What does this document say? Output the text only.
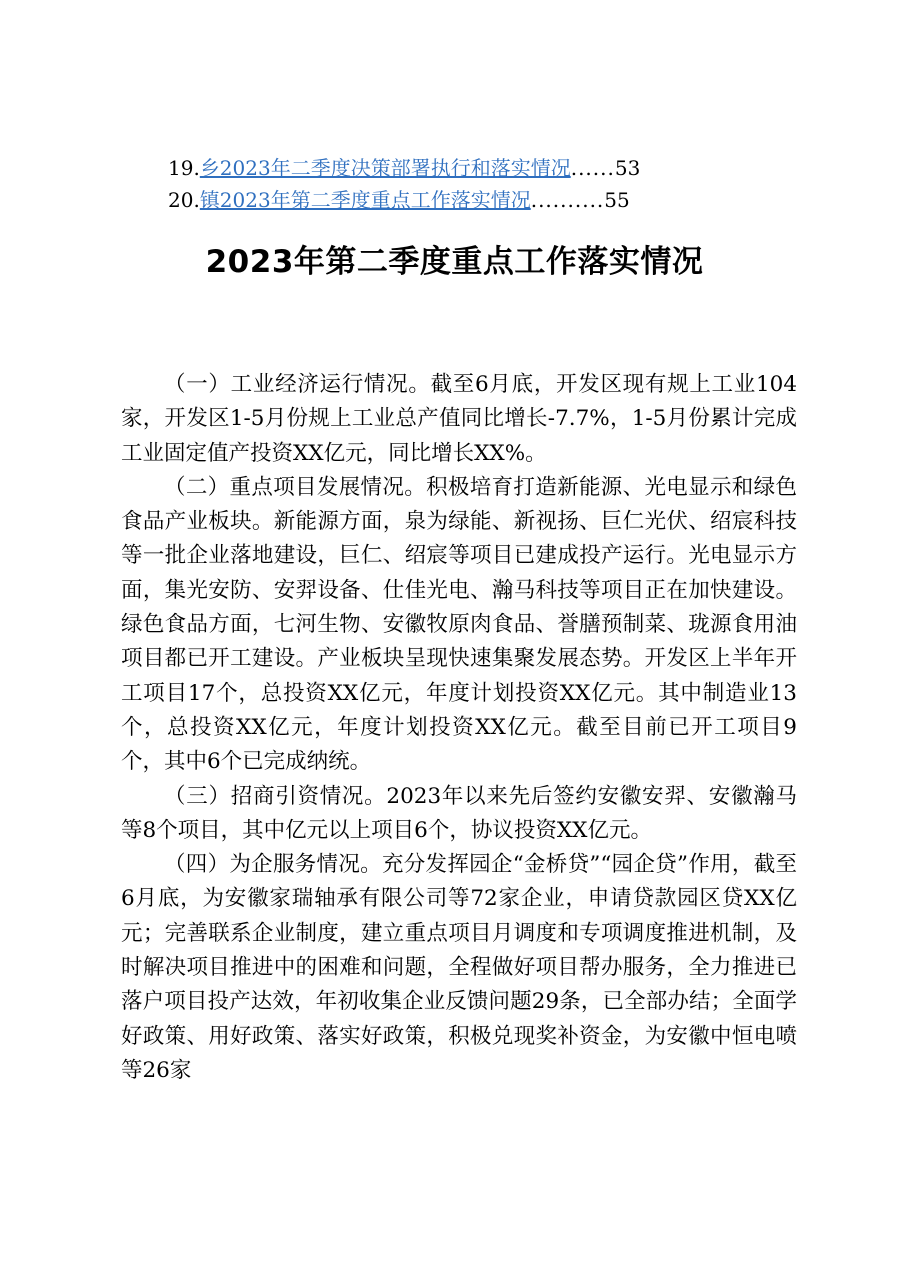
19. 乡2023年二季度决策部署执行和落实情况 ...... 53
20. 镇2023年第二季度重点工作落实情况 .......... 55
2023年第二季度重点工作落实情况

（一）工业经济运行情况。截至6月底，开发区现有规上工业104家，开发区1-5月份规上工业总产值同比增长-7.7%，1-5月份累计完成工业固定值产投资XX亿元，同比增长XX%。

（二）重点项目发展情况。积极培育打造新能源、光电显示和绿色食品产业板块。新能源方面，泉为绿能、新视扬、巨仁光伏、绍宸科技等一批企业落地建设，巨仁、绍宸等项目已建成投产运行。光电显示方面，集光安防、安羿设备、仕佳光电、瀚马科技等项目正在加快建设。绿色食品方面，七河生物、安徽牧原肉食品、誉膳预制菜、珑源食用油项目都已开工建设。产业板块呈现快速集聚发展态势。开发区上半年开工项目17个，总投资XX亿元，年度计划投资XX亿元。其中制造业13个，总投资XX亿元，年度计划投资XX亿元。截至目前已开工项目9个，其中6个已完成纳统。

（三）招商引资情况。2023年以来先后签约安徽安羿、安徽瀚马等8个项目，其中亿元以上项目6个，协议投资XX亿元。

（四）为企服务情况。充分发挥园企“金桥贷”“园企贷”作用，截至6月底，为安徽家瑞轴承有限公司等72家企业，申请贷款园区贷XX亿元；完善联系企业制度，建立重点项目月调度和专项调度推进机制，及时解决项目推进中的困难和问题，全程做好项目帮办服务，全力推进已落户项目投产达效，年初收集企业反馈问题29条，已全部办结；全面学好政策、用好政策、落实好政策，积极兑现奖补资金，为安徽中恒电喷等26家
